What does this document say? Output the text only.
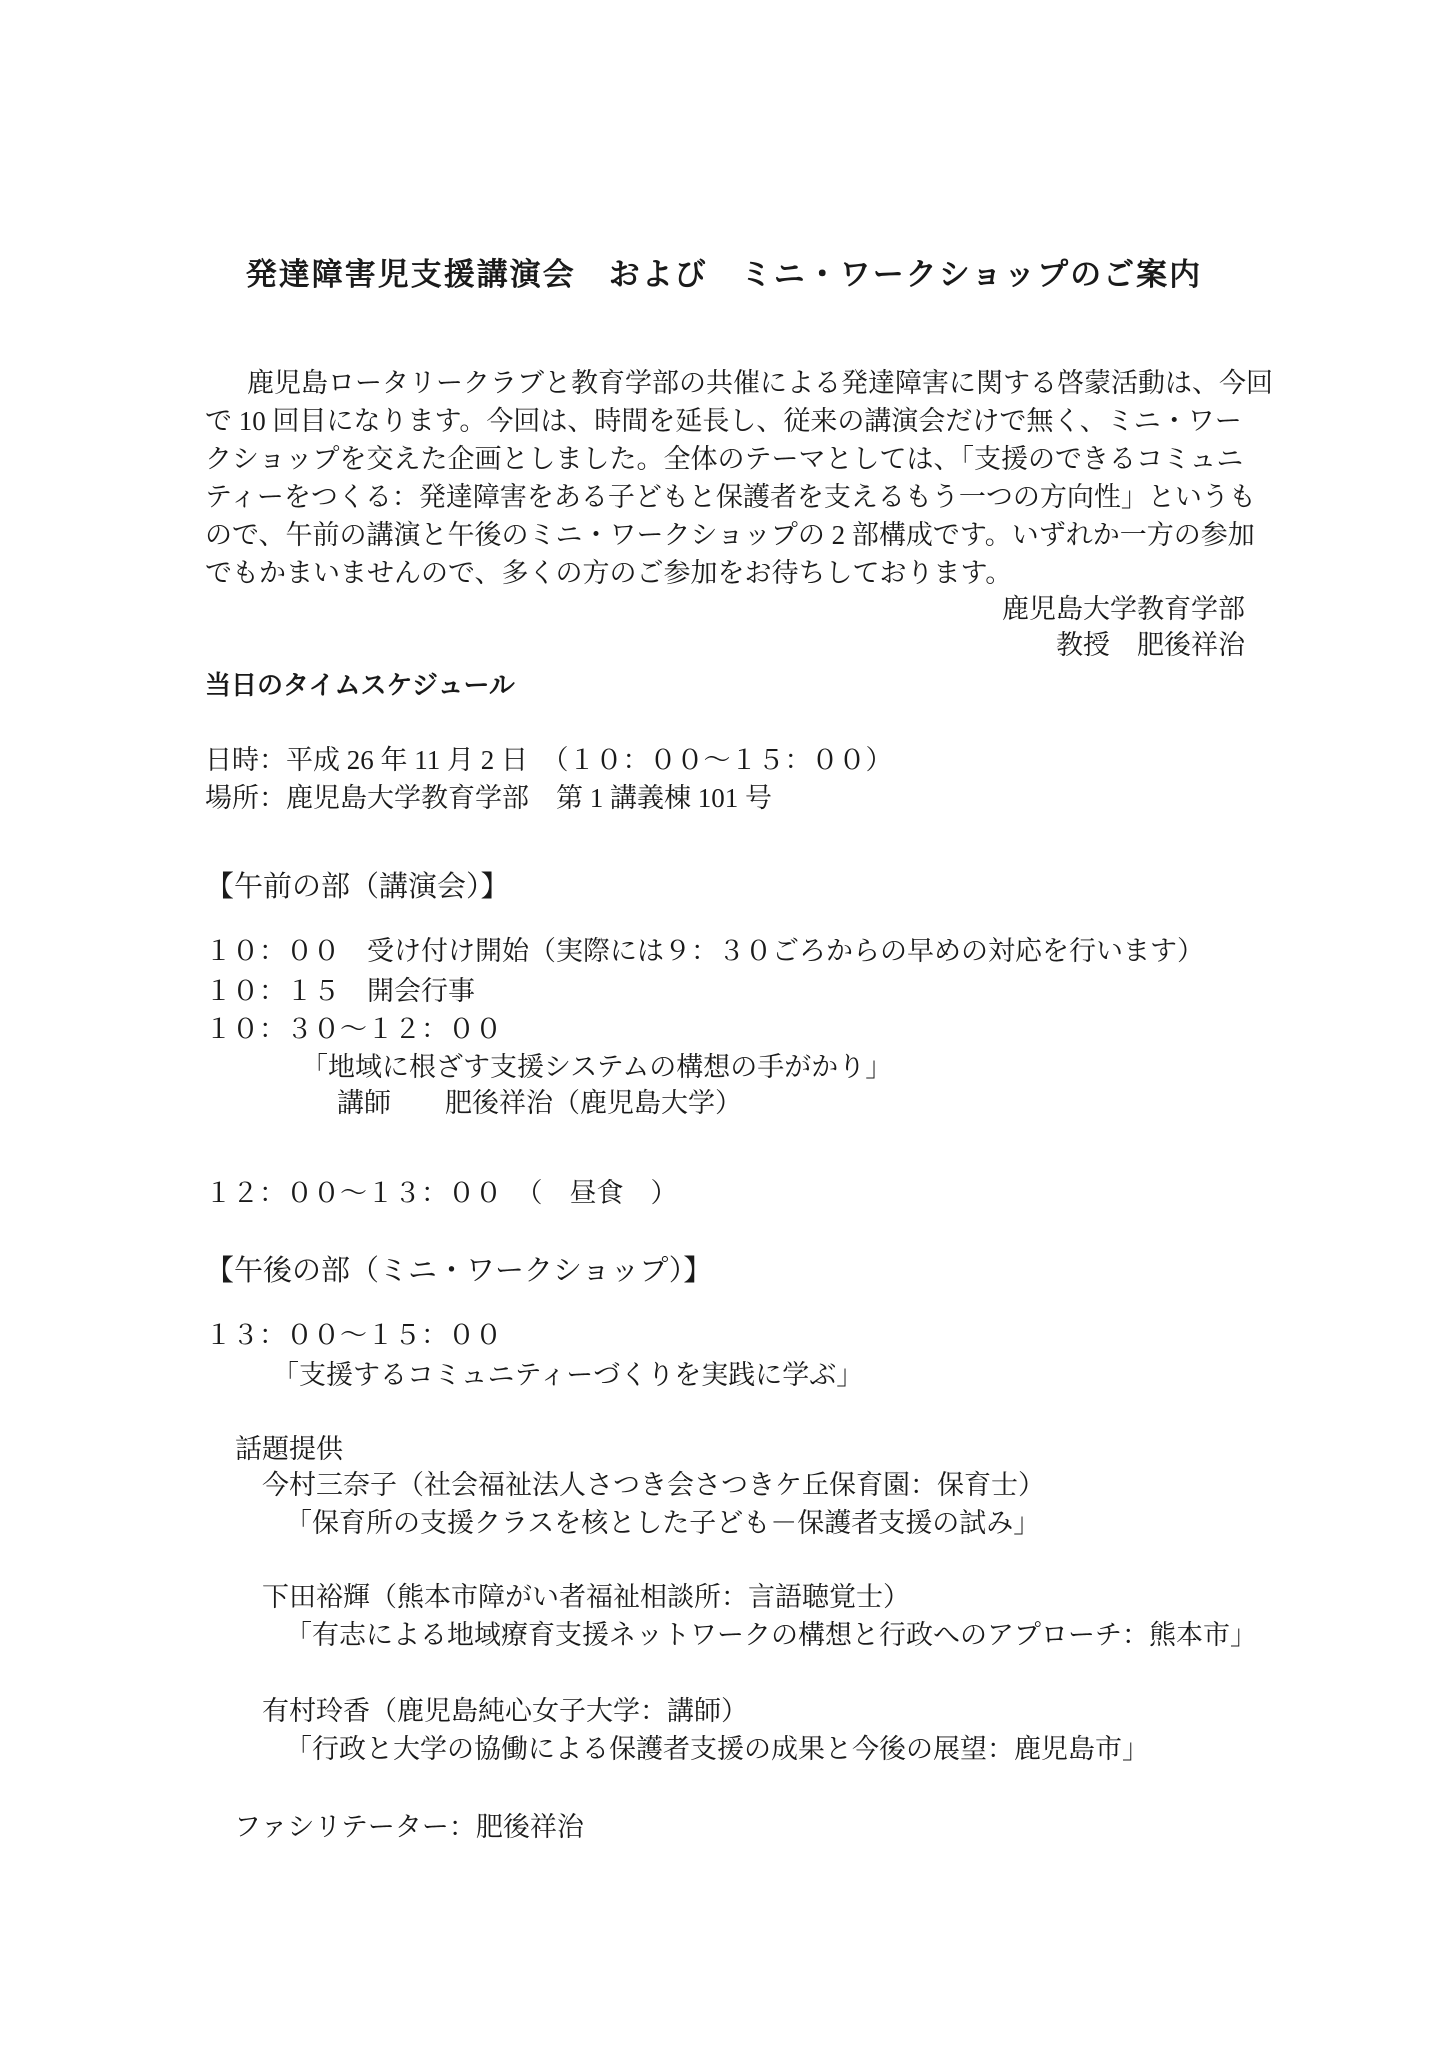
発達障害児支援講演会　および　ミニ・ワークショップのご案内
鹿児島ロータリークラブと教育学部の共催による発達障害に関する啓蒙活動は、今回
で 10 回目になります。今回は、時間を延長し、従来の講演会だけで無く、ミニ・ワー
クショップを交えた企画としました。全体のテーマとしては、「支援のできるコミュニ
ティーをつくる：発達障害をある子どもと保護者を支えるもう一つの方向性」というも
ので、午前の講演と午後のミニ・ワークショップの 2 部構成です。いずれか一方の参加
でもかまいませんので、多くの方のご参加をお待ちしております。
鹿児島大学教育学部
教授　肥後祥治
当日のタイムスケジュール
日時：平成 26 年 11 月 2 日　（１０：００～１５：００）
場所：鹿児島大学教育学部　第 1 講義棟 101 号
【午前の部（講演会）】
１０：００　受け付け開始（実際には９：３０ごろからの早めの対応を行います）
１０：１５　開会行事
１０：３０～１２：００
「地域に根ざす支援システムの構想の手がかり」
講師　　肥後祥治（鹿児島大学）
１２：００～１３：００　（　昼食　）
【午後の部（ミニ・ワークショップ）】
１３：００～１５：００
「支援するコミュニティーづくりを実践に学ぶ」
話題提供
今村三奈子（社会福祉法人さつき会さつきケ丘保育園：保育士）
「保育所の支援クラスを核とした子ども－保護者支援の試み」
下田裕輝（熊本市障がい者福祉相談所：言語聴覚士）
「有志による地域療育支援ネットワークの構想と行政へのアプローチ：熊本市」
有村玲香（鹿児島純心女子大学：講師）
「行政と大学の協働による保護者支援の成果と今後の展望：鹿児島市」
ファシリテーター：肥後祥治
